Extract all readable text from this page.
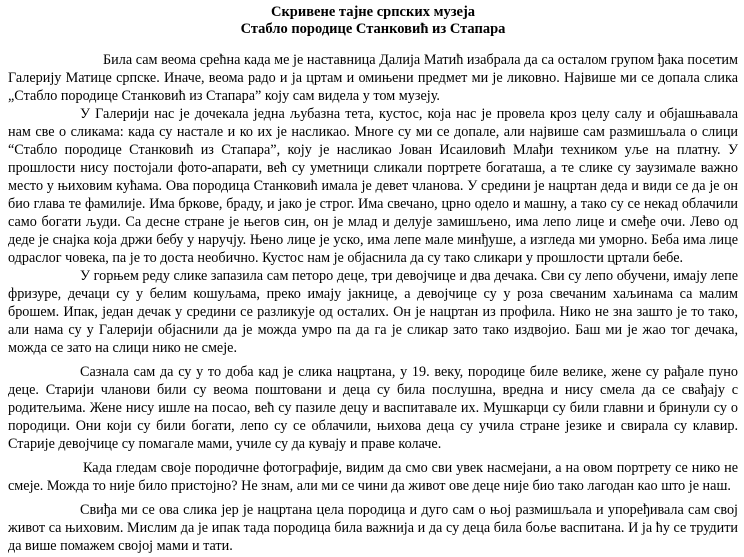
Скривене тајне српских музеја
Стабло породице Станковић из Стапара

Била сам веома срећна када ме је наставница Далија Матић изабрала да са осталом групом ђака посетим Галерију Матице српске. Иначе, веома радо и ја цртам и омињени предмет ми је ликовно. Највише ми се допала слика „Стабло породице Станковић из Стапара” коју сам видела у том музеју.

У Галерији нас је дочекала једна љубазна тета, кустос, која нас је провела кроз целу салу и објашњавала нам све о сликама: када су настале и ко их је насликао. Многе су ми се допале, али највише сам размишљала о слици “Стабло породице Станковић из Стапара”, коју је насликао Јован Исаиловић Млађи техником уље на платну. У прошлости нису постојали фото-апарати, већ су уметници сликали портрете богаташа, а те слике су заузимале важно место у њиховим кућама. Ова породица Станковић имала је девет чланова. У средини је нацртан деда и види се да је он био глава те фамилије. Има бркове, браду, и јако је строг. Има свечано, црно одело и машну, а тако су се некад облачили само богати људи. Са десне стране је његов син, он је млад и делује замишљено, има лепо лице и смеђе очи. Лево од деде је снајка која држи бебу у наручју. Њено лице је уско, има лепе мале минђуше, а изгледа ми уморно. Беба има лице одраслог човека, па је то доста необично. Кустос нам је објаснила да су тако сликари у прошлости цртали бебе.

У горњем реду слике запазила сам петоро деце, три девојчице и два дечака. Сви су лепо обучени, имају лепе фризуре, дечаци су у белим кошуљама, преко имају јакнице, а девојчице су у роза свечаним хаљинама са малим брошем. Ипак, један дечак у средини се разликује од осталих. Он је нацртан из профила. Нико не зна зашто је то тако, али нама су у Галерији објаснили да је можда умро па да га је сликар зато тако издвојио. Баш ми је жао тог дечака, можда се зато на слици нико не смеје.

Сазнала сам да су у то доба кад је слика нацртана, у 19. веку, породице биле велике, жене су рађале пуно деце. Старији чланови били су веома поштовани и деца су била послушна, вредна и нису смела да се свађају с родитељима. Жене нису ишле на посао, већ су пазиле децу и васпитавале их. Мушкарци су били главни и бринули су о породици. Они који су били богати, лепо су се облачили, њихова деца су учила стране језике и свирала су клавир. Старије девојчице су помагале мами, училе су да кувају и праве колаче.

Када гледам своје породичне фотографије, видим да смо сви увек насмејани, а на овом портрету се нико не смеје. Можда то није било пристојно? Не знам, али ми се чини да живот ове деце није био тако лагодан као што је наш.

Свиђа ми се ова слика јер је нацртана цела породица и дуго сам о њој размишљала и упоређивала сам свој живот са њиховим. Мислим да је ипак тада породица била важнија и да су деца била боље васпитана. И ја ћу се трудити да више помажем својој мами и тати.
